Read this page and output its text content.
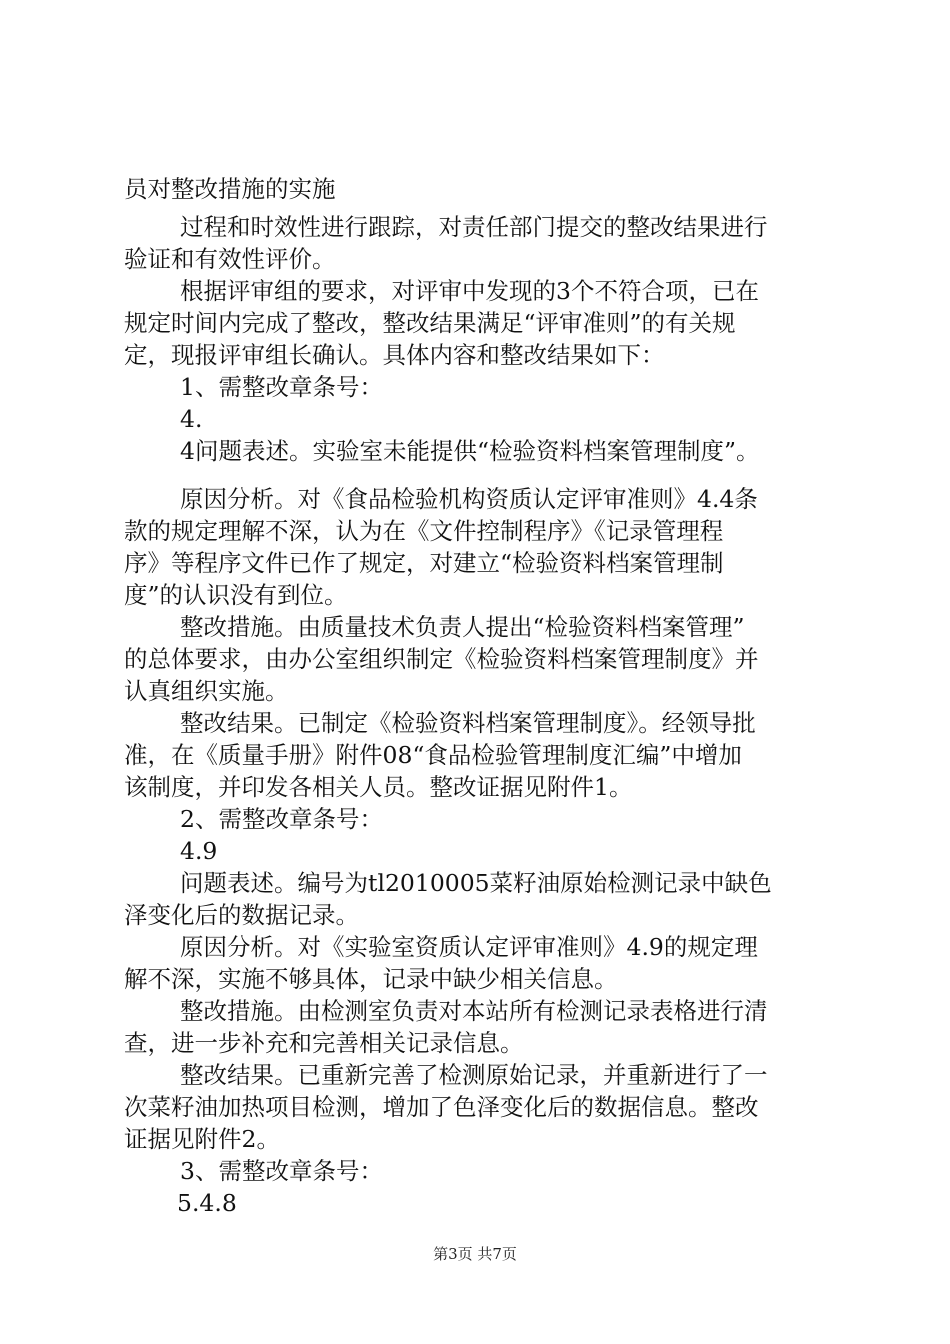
员对整改措施的实施
过程和时效性进行跟踪，对责任部门提交的整改结果进行
验证和有效性评价。
根据评审组的要求，对评审中发现的3个不符合项，已在
规定时间内完成了整改，整改结果满足“评审准则”的有关规
定，现报评审组长确认。具体内容和整改结果如下：
1、需整改章条号：
4.
4问题表述。实验室未能提供“检验资料档案管理制度”。
原因分析。对《食品检验机构资质认定评审准则》4.4条
款的规定理解不深，认为在《文件控制程序》《记录管理程
序》等程序文件已作了规定，对建立“检验资料档案管理制
度”的认识没有到位。
整改措施。由质量技术负责人提出“检验资料档案管理”
的总体要求，由办公室组织制定《检验资料档案管理制度》并
认真组织实施。
整改结果。已制定《检验资料档案管理制度》。经领导批
准，在《质量手册》附件08“食品检验管理制度汇编”中增加
该制度，并印发各相关人员。整改证据见附件1。
2、需整改章条号：
4.9
问题表述。编号为tl2010005菜籽油原始检测记录中缺色
泽变化后的数据记录。
原因分析。对《实验室资质认定评审准则》4.9的规定理
解不深，实施不够具体，记录中缺少相关信息。
整改措施。由检测室负责对本站所有检测记录表格进行清
查，进一步补充和完善相关记录信息。
整改结果。已重新完善了检测原始记录，并重新进行了一
次菜籽油加热项目检测，增加了色泽变化后的数据信息。整改
证据见附件2。
3、需整改章条号：
5.4.8
第3页 共7页
